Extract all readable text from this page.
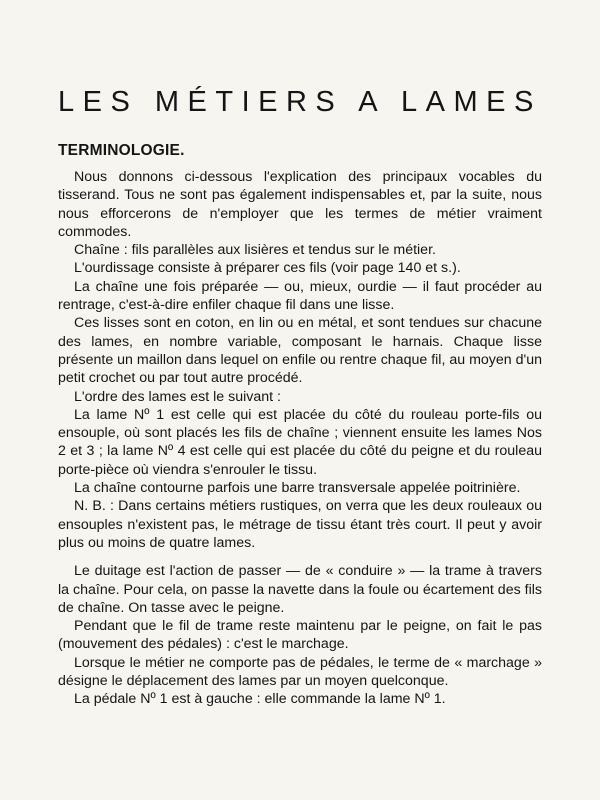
LES MÉTIERS A LAMES
TERMINOLOGIE.

Nous donnons ci-dessous l'explication des principaux vocables du tisserand. Tous ne sont pas également indispensables et, par la suite, nous nous efforcerons de n'employer que les termes de métier vraiment commodes.

Chaîne : fils parallèles aux lisières et tendus sur le métier.

L'ourdissage consiste à préparer ces fils (voir page 140 et s.).

La chaîne une fois préparée — ou, mieux, ourdie — il faut procéder au rentrage, c'est-à-dire enfiler chaque fil dans une lisse.

Ces lisses sont en coton, en lin ou en métal, et sont tendues sur chacune des lames, en nombre variable, composant le harnais. Chaque lisse présente un maillon dans lequel on enfile ou rentre chaque fil, au moyen d'un petit crochet ou par tout autre procédé.

L'ordre des lames est le suivant :

La lame Nº 1 est celle qui est placée du côté du rouleau porte-fils ou ensouple, où sont placés les fils de chaîne ; viennent ensuite les lames Nos 2 et 3 ; la lame Nº 4 est celle qui est placée du côté du peigne et du rouleau porte-pièce où viendra s'enrouler le tissu.

La chaîne contourne parfois une barre transversale appelée poitrinière.

N. B. : Dans certains métiers rustiques, on verra que les deux rouleaux ou ensouples n'existent pas, le métrage de tissu étant très court. Il peut y avoir plus ou moins de quatre lames.

Le duitage est l'action de passer — de « conduire » — la trame à travers la chaîne. Pour cela, on passe la navette dans la foule ou écartement des fils de chaîne. On tasse avec le peigne.

Pendant que le fil de trame reste maintenu par le peigne, on fait le pas (mouvement des pédales) : c'est le marchage.

Lorsque le métier ne comporte pas de pédales, le terme de « marchage » désigne le déplacement des lames par un moyen quelconque.

La pédale Nº 1 est à gauche : elle commande la lame Nº 1.
